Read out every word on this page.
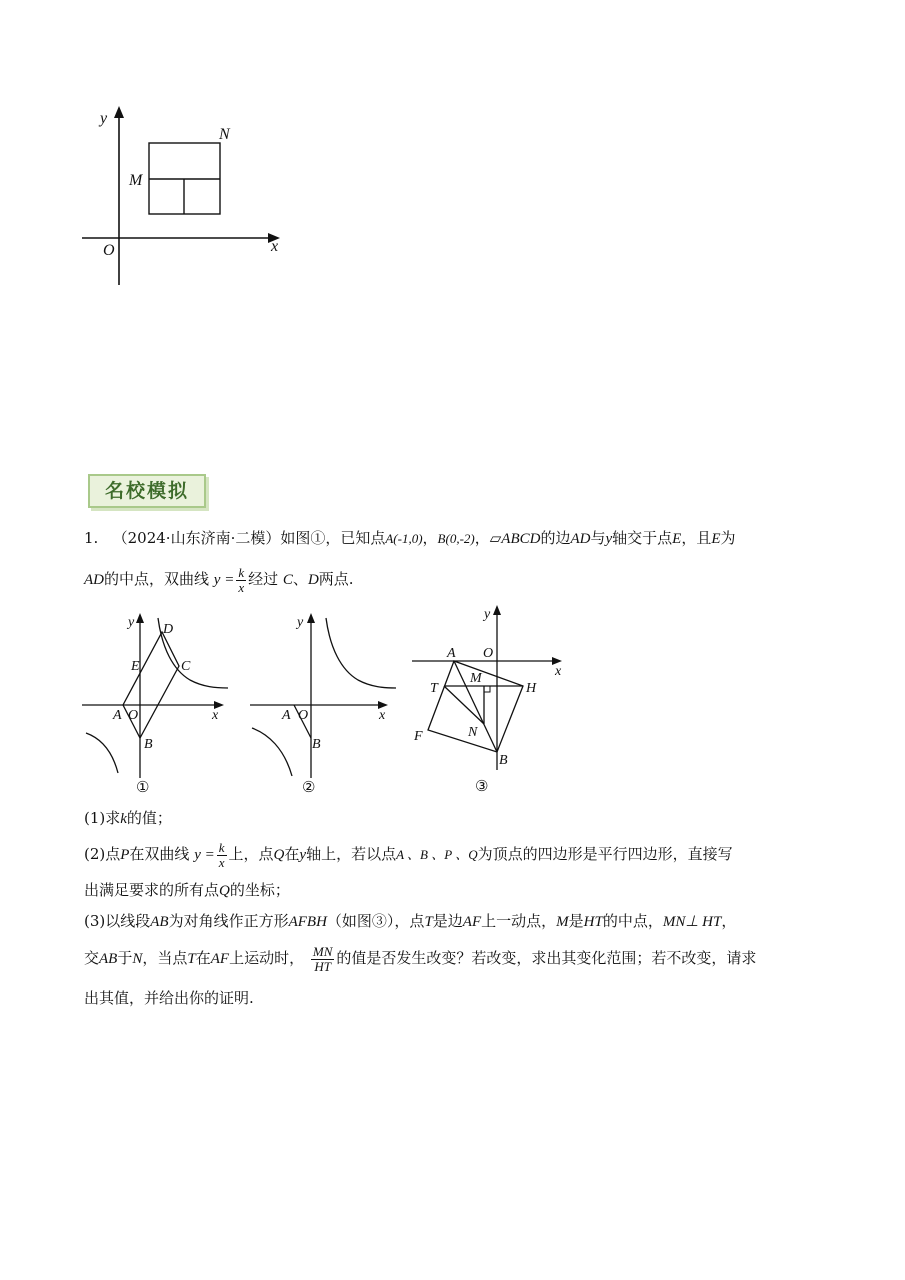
y
x
O
M
N
名校模拟
1. （2024·山东济南·二模）如图①，已知点A(-1,0)，B(0,-2)，▱ABCD的边AD与y轴交于点E，且E为
AD的中点，双曲线 $y = \frac{k}{x}$ 经过 C、D两点.
y
x
D
E	C
A O
B
①
y
x
A O
B
②
y
x
A O
T
M
H
F	N
B
③
(1)求k的值；
(2)点P在双曲线 $y = \frac{k}{x}$ 上，点Q在y轴上，若以点A 、B 、P 、Q为顶点的四边形是平行四边形，直接写
出满足要求的所有点Q的坐标；
(3)以线段AB为对角线作正方形AFBH（如图③），点T是边AF上一动点，M是HT的中点，MN⊥ HT，
交AB于N，当点T在AF上运动时， $\frac{MN}{HT}$ 的值是否发生改变？若改变，求出其变化范围；若不改变，请求
出其值，并给出你的证明.
